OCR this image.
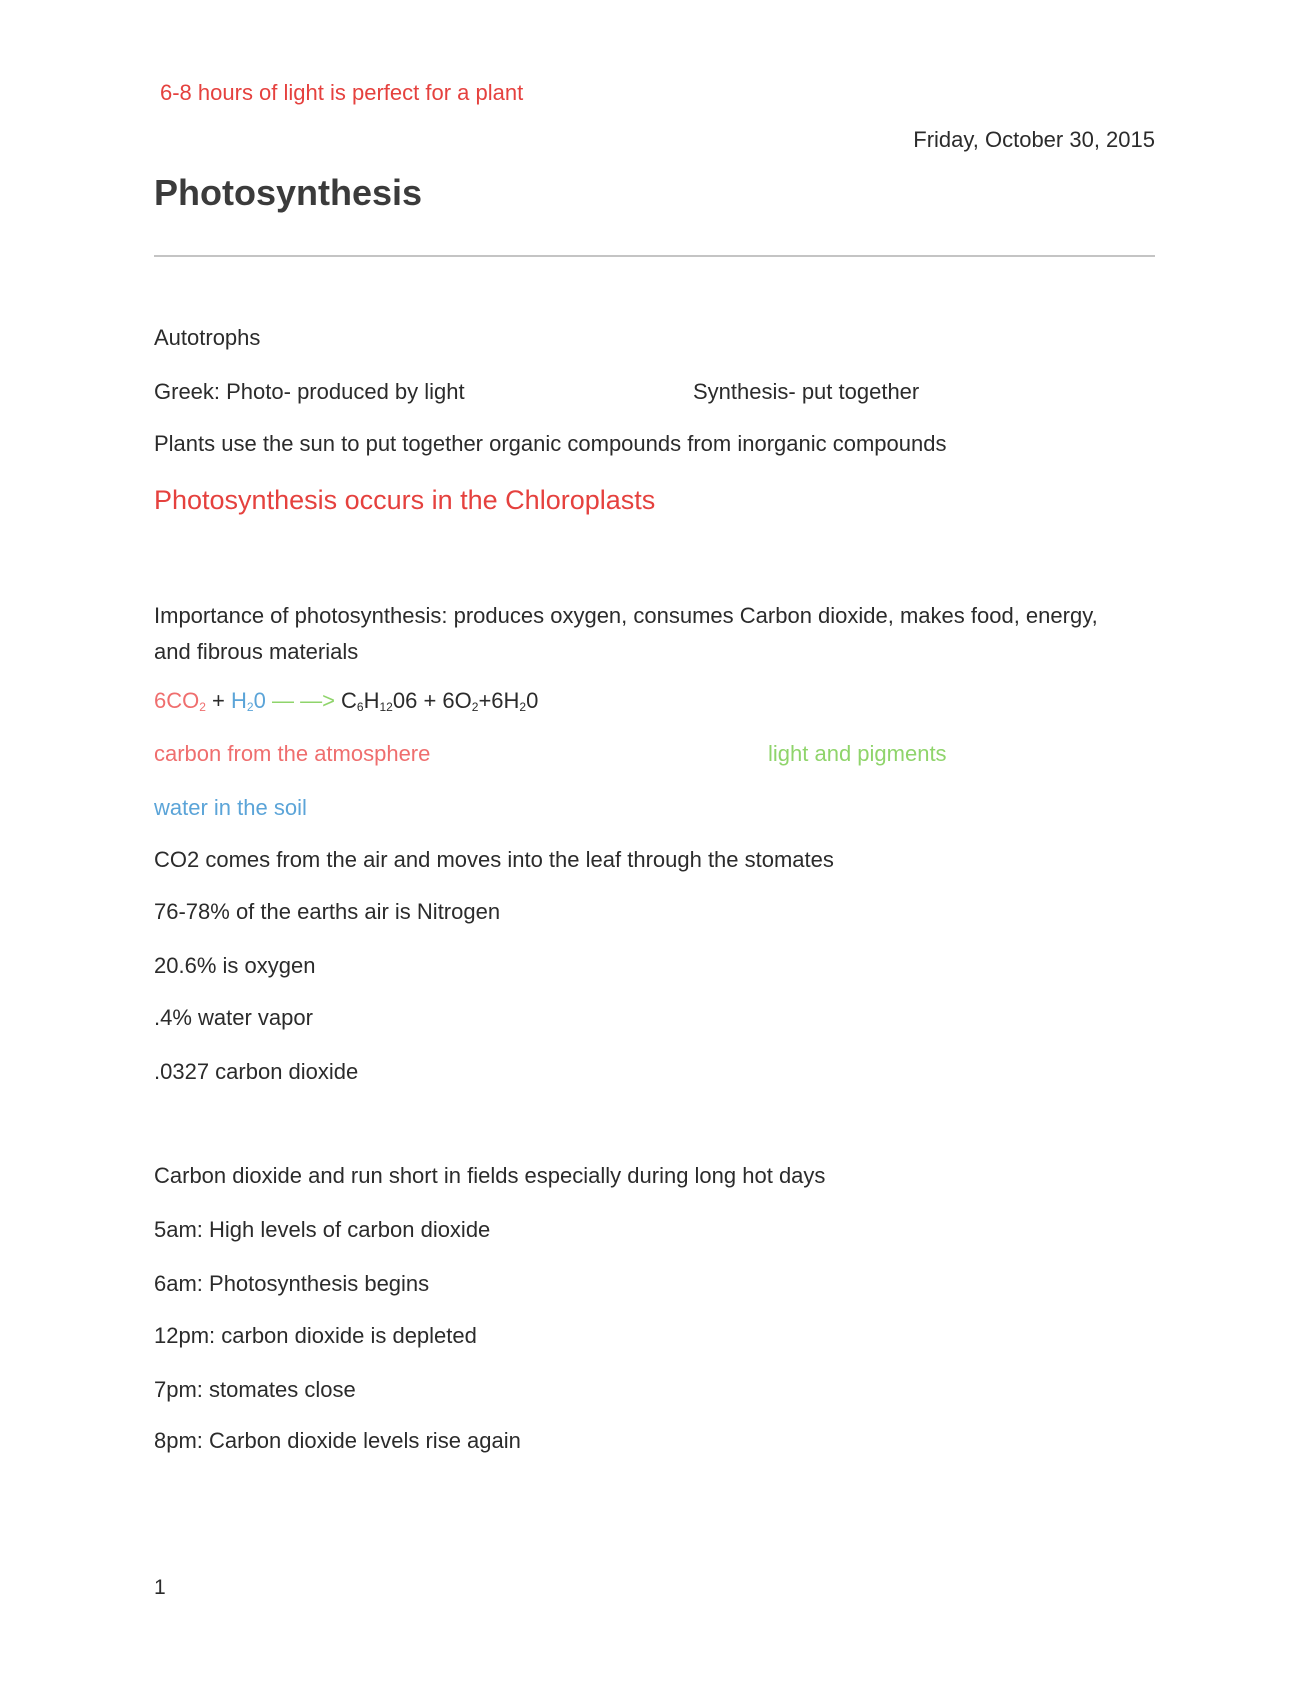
6-8 hours of light is perfect for a plant
Friday, October 30, 2015
Photosynthesis
Autotrophs
Greek: Photo- produced by light	Synthesis- put together
Plants use the sun to put together organic compounds from inorganic compounds
Photosynthesis occurs in the Chloroplasts
Importance of photosynthesis: produces oxygen, consumes Carbon dioxide, makes food, energy, and fibrous materials
$6CO_2 + H_20$ — —> $C_6H_{12}06 + 6O_2+6H_20$
carbon from the atmosphere	light and pigments
water in the soil
CO2 comes from the air and moves into the leaf through the stomates
76-78% of the earths air is Nitrogen
20.6% is oxygen
.4% water vapor
.0327 carbon dioxide
Carbon dioxide and run short in fields especially during long hot days
5am: High levels of carbon dioxide
6am: Photosynthesis begins
12pm: carbon dioxide is depleted
7pm: stomates close
8pm: Carbon dioxide levels rise again
1
